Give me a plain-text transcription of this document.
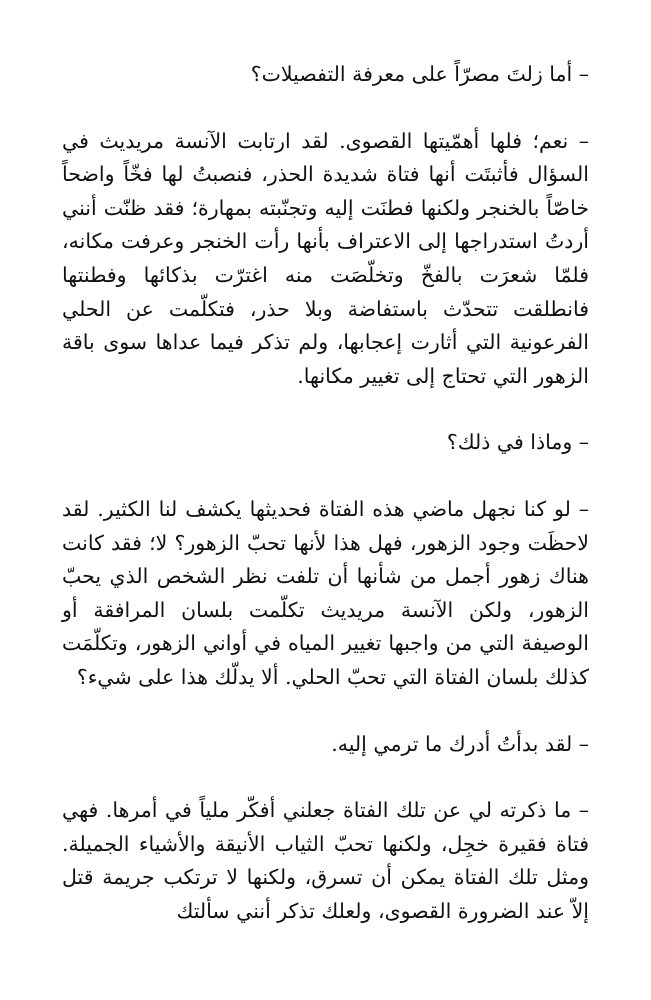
– أما زلتَ مصرّاً على معرفة التفصيلات؟

– نعم؛ فلها أهمّيتها القصوى. لقد ارتابت الآنسة مريديث في السؤال فأثبتَت أنها فتاة شديدة الحذر، فنصبتُ لها فخّاً واضحاً خاصّاً بالخنجر ولكنها فطنَت إليه وتجنّبته بمهارة؛ فقد ظنّت أنني أردتُ استدراجها إلى الاعتراف بأنها رأت الخنجر وعرفت مكانه، فلمّا شعرَت بالفخّ وتخلّصَت منه اغترّت بذكائها وفطنتها فانطلقت تتحدّث باستفاضة وبلا حذر، فتكلّمت عن الحلي الفرعونية التي أثارت إعجابها، ولم تذكر فيما عداها سوى باقة الزهور التي تحتاج إلى تغيير مكانها.

– وماذا في ذلك؟

– لو كنا نجهل ماضي هذه الفتاة فحديثها يكشف لنا الكثير. لقد لاحظَت وجود الزهور، فهل هذا لأنها تحبّ الزهور؟ لا؛ فقد كانت هناك زهور أجمل من شأنها أن تلفت نظر الشخص الذي يحبّ الزهور، ولكن الآنسة مريديث تكلّمت بلسان المرافقة أو الوصيفة التي من واجبها تغيير المياه في أواني الزهور، وتكلّمَت كذلك بلسان الفتاة التي تحبّ الحلي. ألا يدلّك هذا على شيء؟

– لقد بدأتُ أدرك ما ترمي إليه.

– ما ذكرته لي عن تلك الفتاة جعلني أفكّر ملياً في أمرها. فهي فتاة فقيرة خجِل، ولكنها تحبّ الثياب الأنيقة والأشياء الجميلة. ومثل تلك الفتاة يمكن أن تسرق، ولكنها لا ترتكب جريمة قتل إلاّ عند الضرورة القصوى، ولعلك تذكر أنني سألتك
